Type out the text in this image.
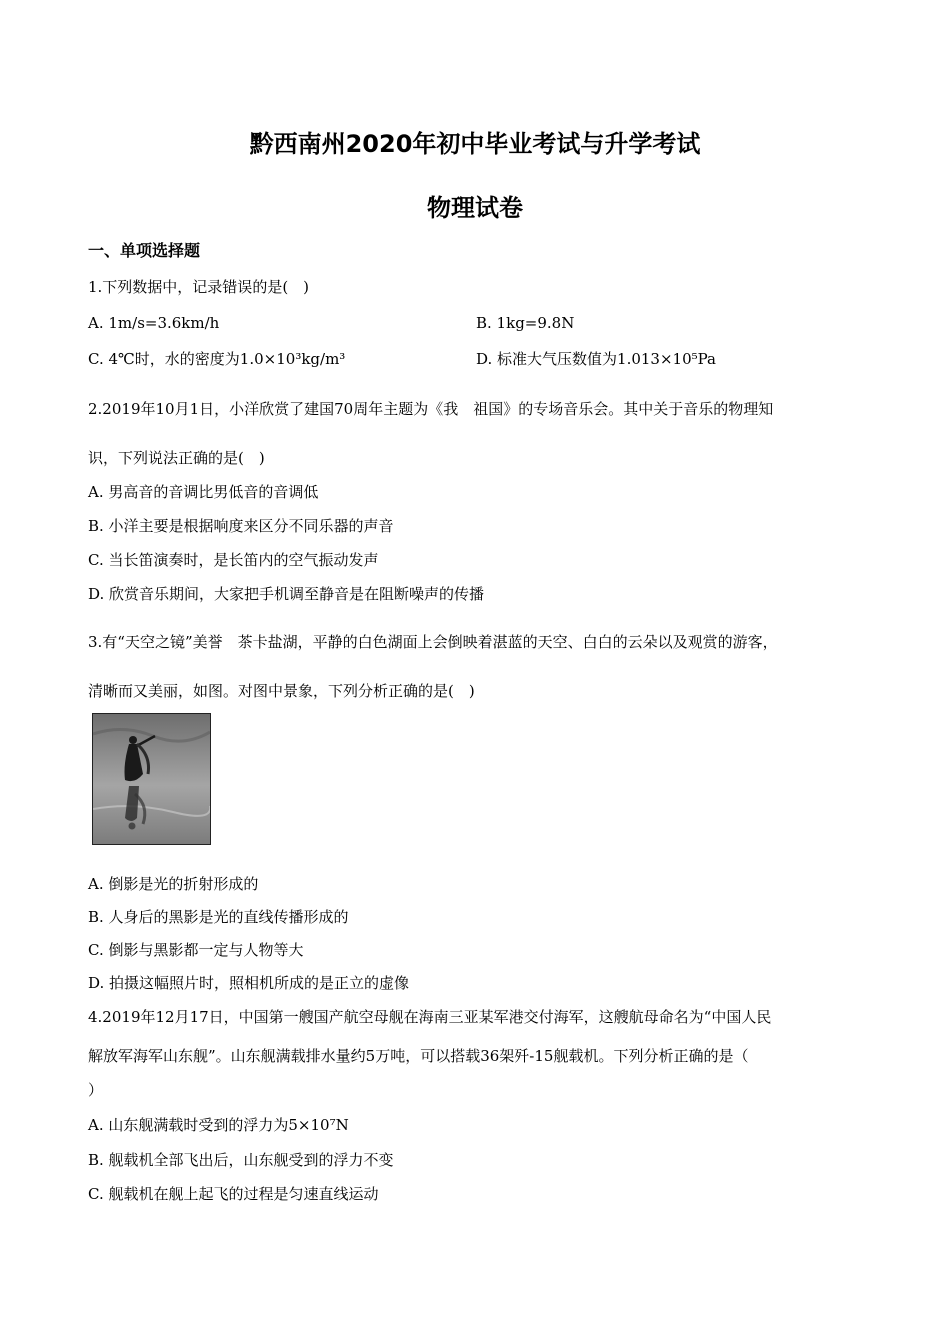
黔西南州2020年初中毕业考试与升学考试
物理试卷
一、单项选择题
1.下列数据中，记录错误的是(　)
A. 1m/s=3.6km/h	B. 1kg=9.8N
C. 4℃时，水的密度为1.0×10³kg/m³	D. 标准大气压数值为1.013×10⁵Pa
2.2019年10月1日，小洋欣赏了建国70周年主题为《我　祖国》的专场音乐会。其中关于音乐的物理知
识，下列说法正确的是(　)
A. 男高音的音调比男低音的音调低
B. 小洋主要是根据响度来区分不同乐器的声音
C. 当长笛演奏时，是长笛内的空气振动发声
D. 欣赏音乐期间，大家把手机调至静音是在阻断噪声的传播
3.有“天空之镜”美誉　茶卡盐湖，平静的白色湖面上会倒映着湛蓝的天空、白白的云朵以及观赏的游客，
清晰而又美丽，如图。对图中景象，下列分析正确的是(　)
A. 倒影是光的折射形成的
B. 人身后的黑影是光的直线传播形成的
C. 倒影与黑影都一定与人物等大
D. 拍摄这幅照片时，照相机所成的是正立的虚像
4.2019年12月17日，中国第一艘国产航空母舰在海南三亚某军港交付海军，这艘航母命名为“中国人民
解放军海军山东舰”。山东舰满载排水量约5万吨，可以搭载36架歼-15舰载机。下列分析正确的是（
）
A. 山东舰满载时受到的浮力为5×10⁷N
B. 舰载机全部飞出后，山东舰受到的浮力不变
C. 舰载机在舰上起飞的过程是匀速直线运动
